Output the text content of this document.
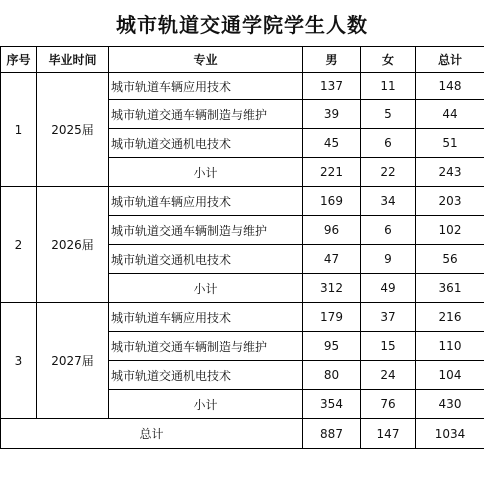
城市轨道交通学院学生人数
序号	毕业时间	专业	男	女	总计
1	2025届	城市轨道车辆应用技术	137	11	148
		城市轨道交通车辆制造与维护	39	5	44
		城市轨道交通机电技术	45	6	51
		小计	221	22	243
2	2026届	城市轨道车辆应用技术	169	34	203
		城市轨道交通车辆制造与维护	96	6	102
		城市轨道交通机电技术	47	9	56
		小计	312	49	361
3	2027届	城市轨道车辆应用技术	179	37	216
		城市轨道交通车辆制造与维护	95	15	110
		城市轨道交通机电技术	80	24	104
		小计	354	76	430
总计			887	147	1034
